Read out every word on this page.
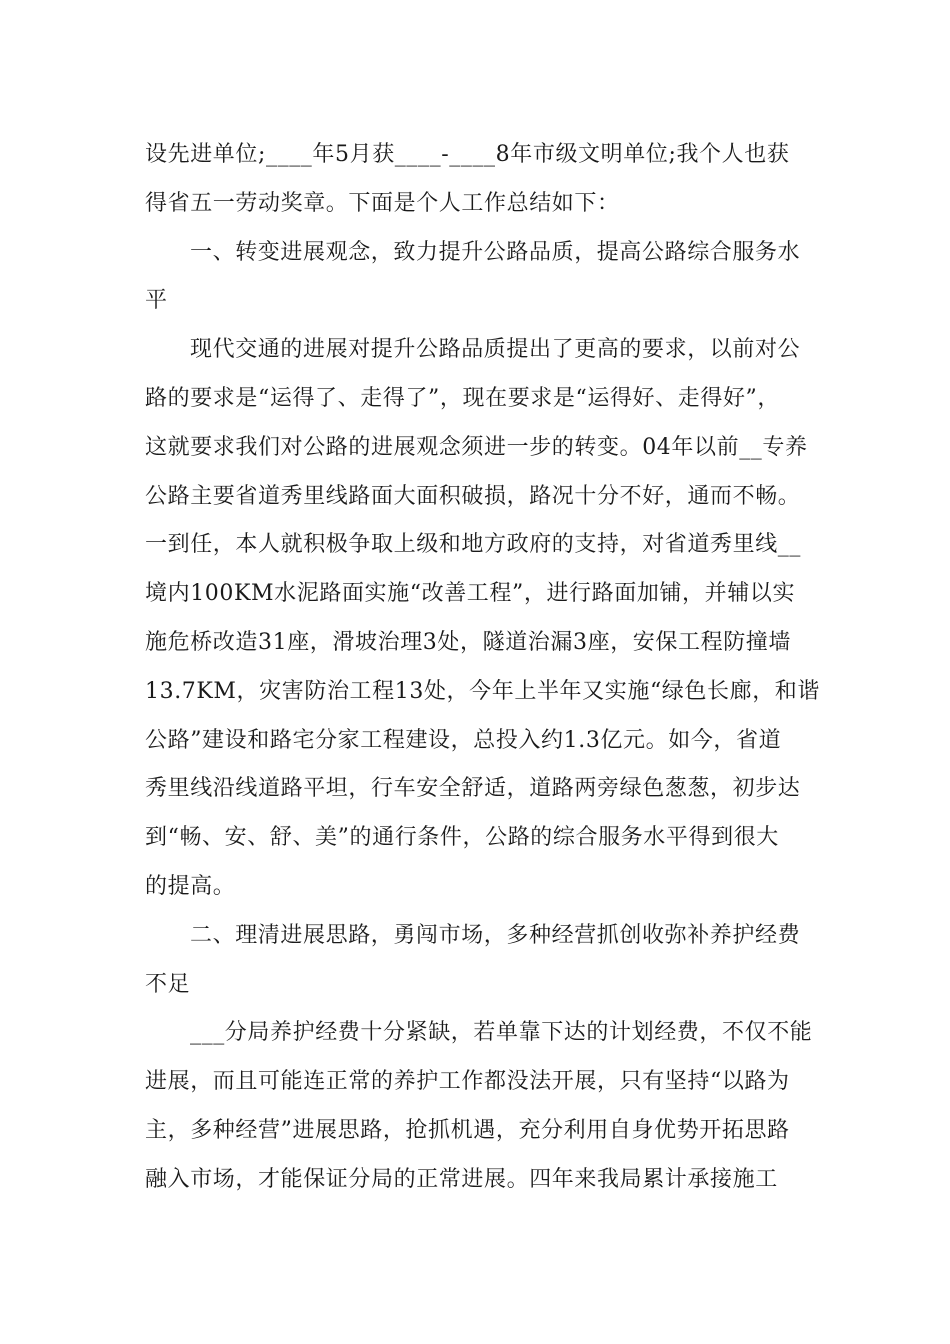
设先进单位;____年5月获____-____8年市级文明单位;我个人也获
得省五一劳动奖章。下面是个人工作总结如下：
一、转变进展观念，致力提升公路品质，提高公路综合服务水
平
现代交通的进展对提升公路品质提出了更高的要求，以前对公
路的要求是“运得了、走得了”，现在要求是“运得好、走得好”，
这就要求我们对公路的进展观念须进一步的转变。04年以前__专养
公路主要省道秀里线路面大面积破损，路况十分不好，通而不畅。
一到任，本人就积极争取上级和地方政府的支持，对省道秀里线__
境内100KM水泥路面实施“改善工程”，进行路面加铺，并辅以实
施危桥改造31座，滑坡治理3处，隧道治漏3座，安保工程防撞墙
13.7KM，灾害防治工程13处，今年上半年又实施“绿色长廊，和谐
公路”建设和路宅分家工程建设，总投入约1.3亿元。如今，省道
秀里线沿线道路平坦，行车安全舒适，道路两旁绿色葱葱，初步达
到“畅、安、舒、美”的通行条件，公路的综合服务水平得到很大
的提高。
二、理清进展思路，勇闯市场，多种经营抓创收弥补养护经费
不足
___分局养护经费十分紧缺，若单靠下达的计划经费，不仅不能
进展，而且可能连正常的养护工作都没法开展，只有坚持“以路为
主，多种经营”进展思路，抢抓机遇，充分利用自身优势开拓思路
融入市场，才能保证分局的正常进展。四年来我局累计承接施工
